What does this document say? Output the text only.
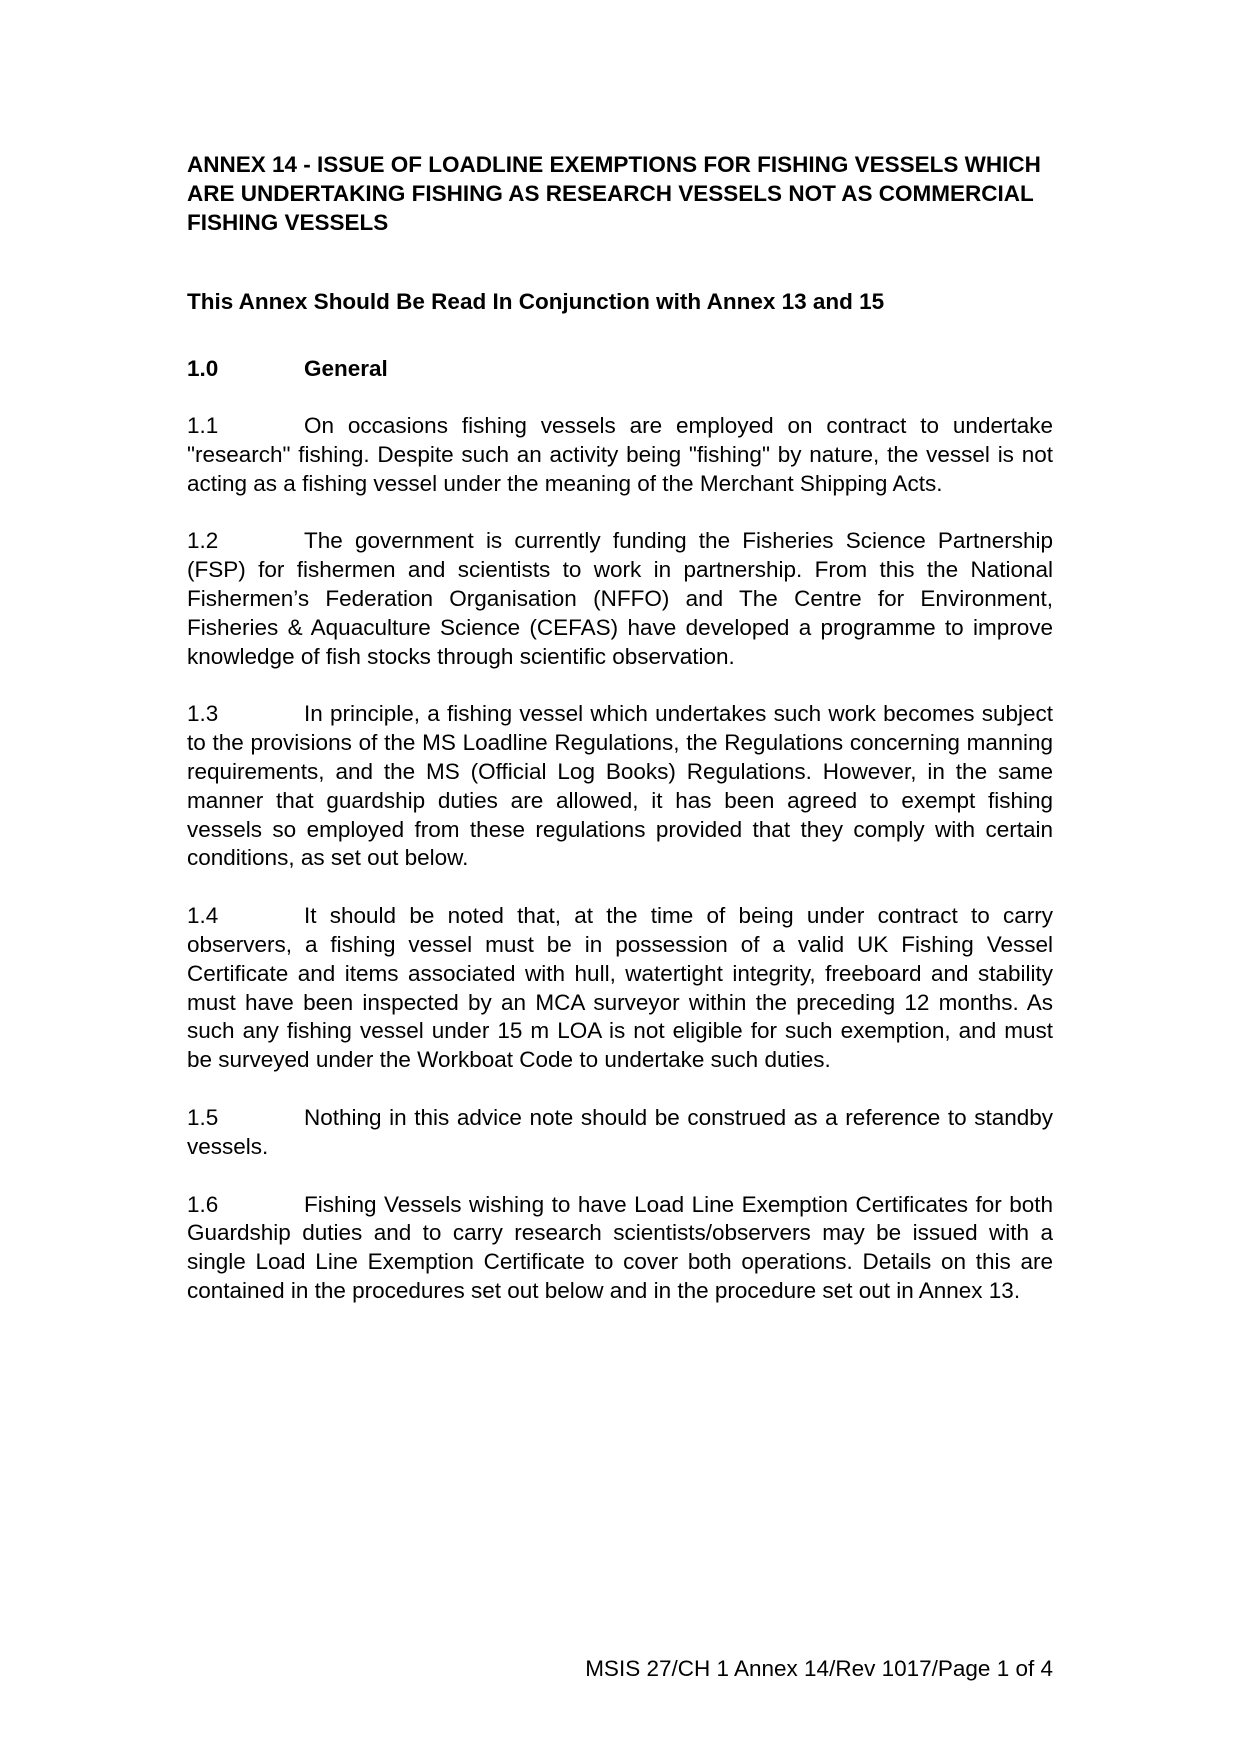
ANNEX 14 - ISSUE OF LOADLINE EXEMPTIONS FOR FISHING VESSELS WHICH ARE UNDERTAKING FISHING AS RESEARCH VESSELS NOT AS COMMERCIAL FISHING VESSELS

This Annex Should Be Read In Conjunction with Annex 13 and 15

1.0	General

1.1	On occasions fishing vessels are employed on contract to undertake "research" fishing. Despite such an activity being "fishing" by nature, the vessel is not acting as a fishing vessel under the meaning of the Merchant Shipping Acts.

1.2	The government is currently funding the Fisheries Science Partnership (FSP) for fishermen and scientists to work in partnership. From this the National Fishermen’s Federation Organisation (NFFO) and The Centre for Environment, Fisheries & Aquaculture Science (CEFAS) have developed a programme to improve knowledge of fish stocks through scientific observation.

1.3	In principle, a fishing vessel which undertakes such work becomes subject to the provisions of the MS Loadline Regulations, the Regulations concerning manning requirements, and the MS (Official Log Books) Regulations. However, in the same manner that guardship duties are allowed, it has been agreed to exempt fishing vessels so employed from these regulations provided that they comply with certain conditions, as set out below.

1.4	It should be noted that, at the time of being under contract to carry observers, a fishing vessel must be in possession of a valid UK Fishing Vessel Certificate and items associated with hull, watertight integrity, freeboard and stability must have been inspected by an MCA surveyor within the preceding 12 months. As such any fishing vessel under 15 m LOA is not eligible for such exemption, and must be surveyed under the Workboat Code to undertake such duties.

1.5	Nothing in this advice note should be construed as a reference to standby vessels.

1.6	Fishing Vessels wishing to have Load Line Exemption Certificates for both Guardship duties and to carry research scientists/observers may be issued with a single Load Line Exemption Certificate to cover both operations. Details on this are contained in the procedures set out below and in the procedure set out in Annex 13.

MSIS 27/CH 1 Annex 14/Rev 1017/Page 1 of 4
